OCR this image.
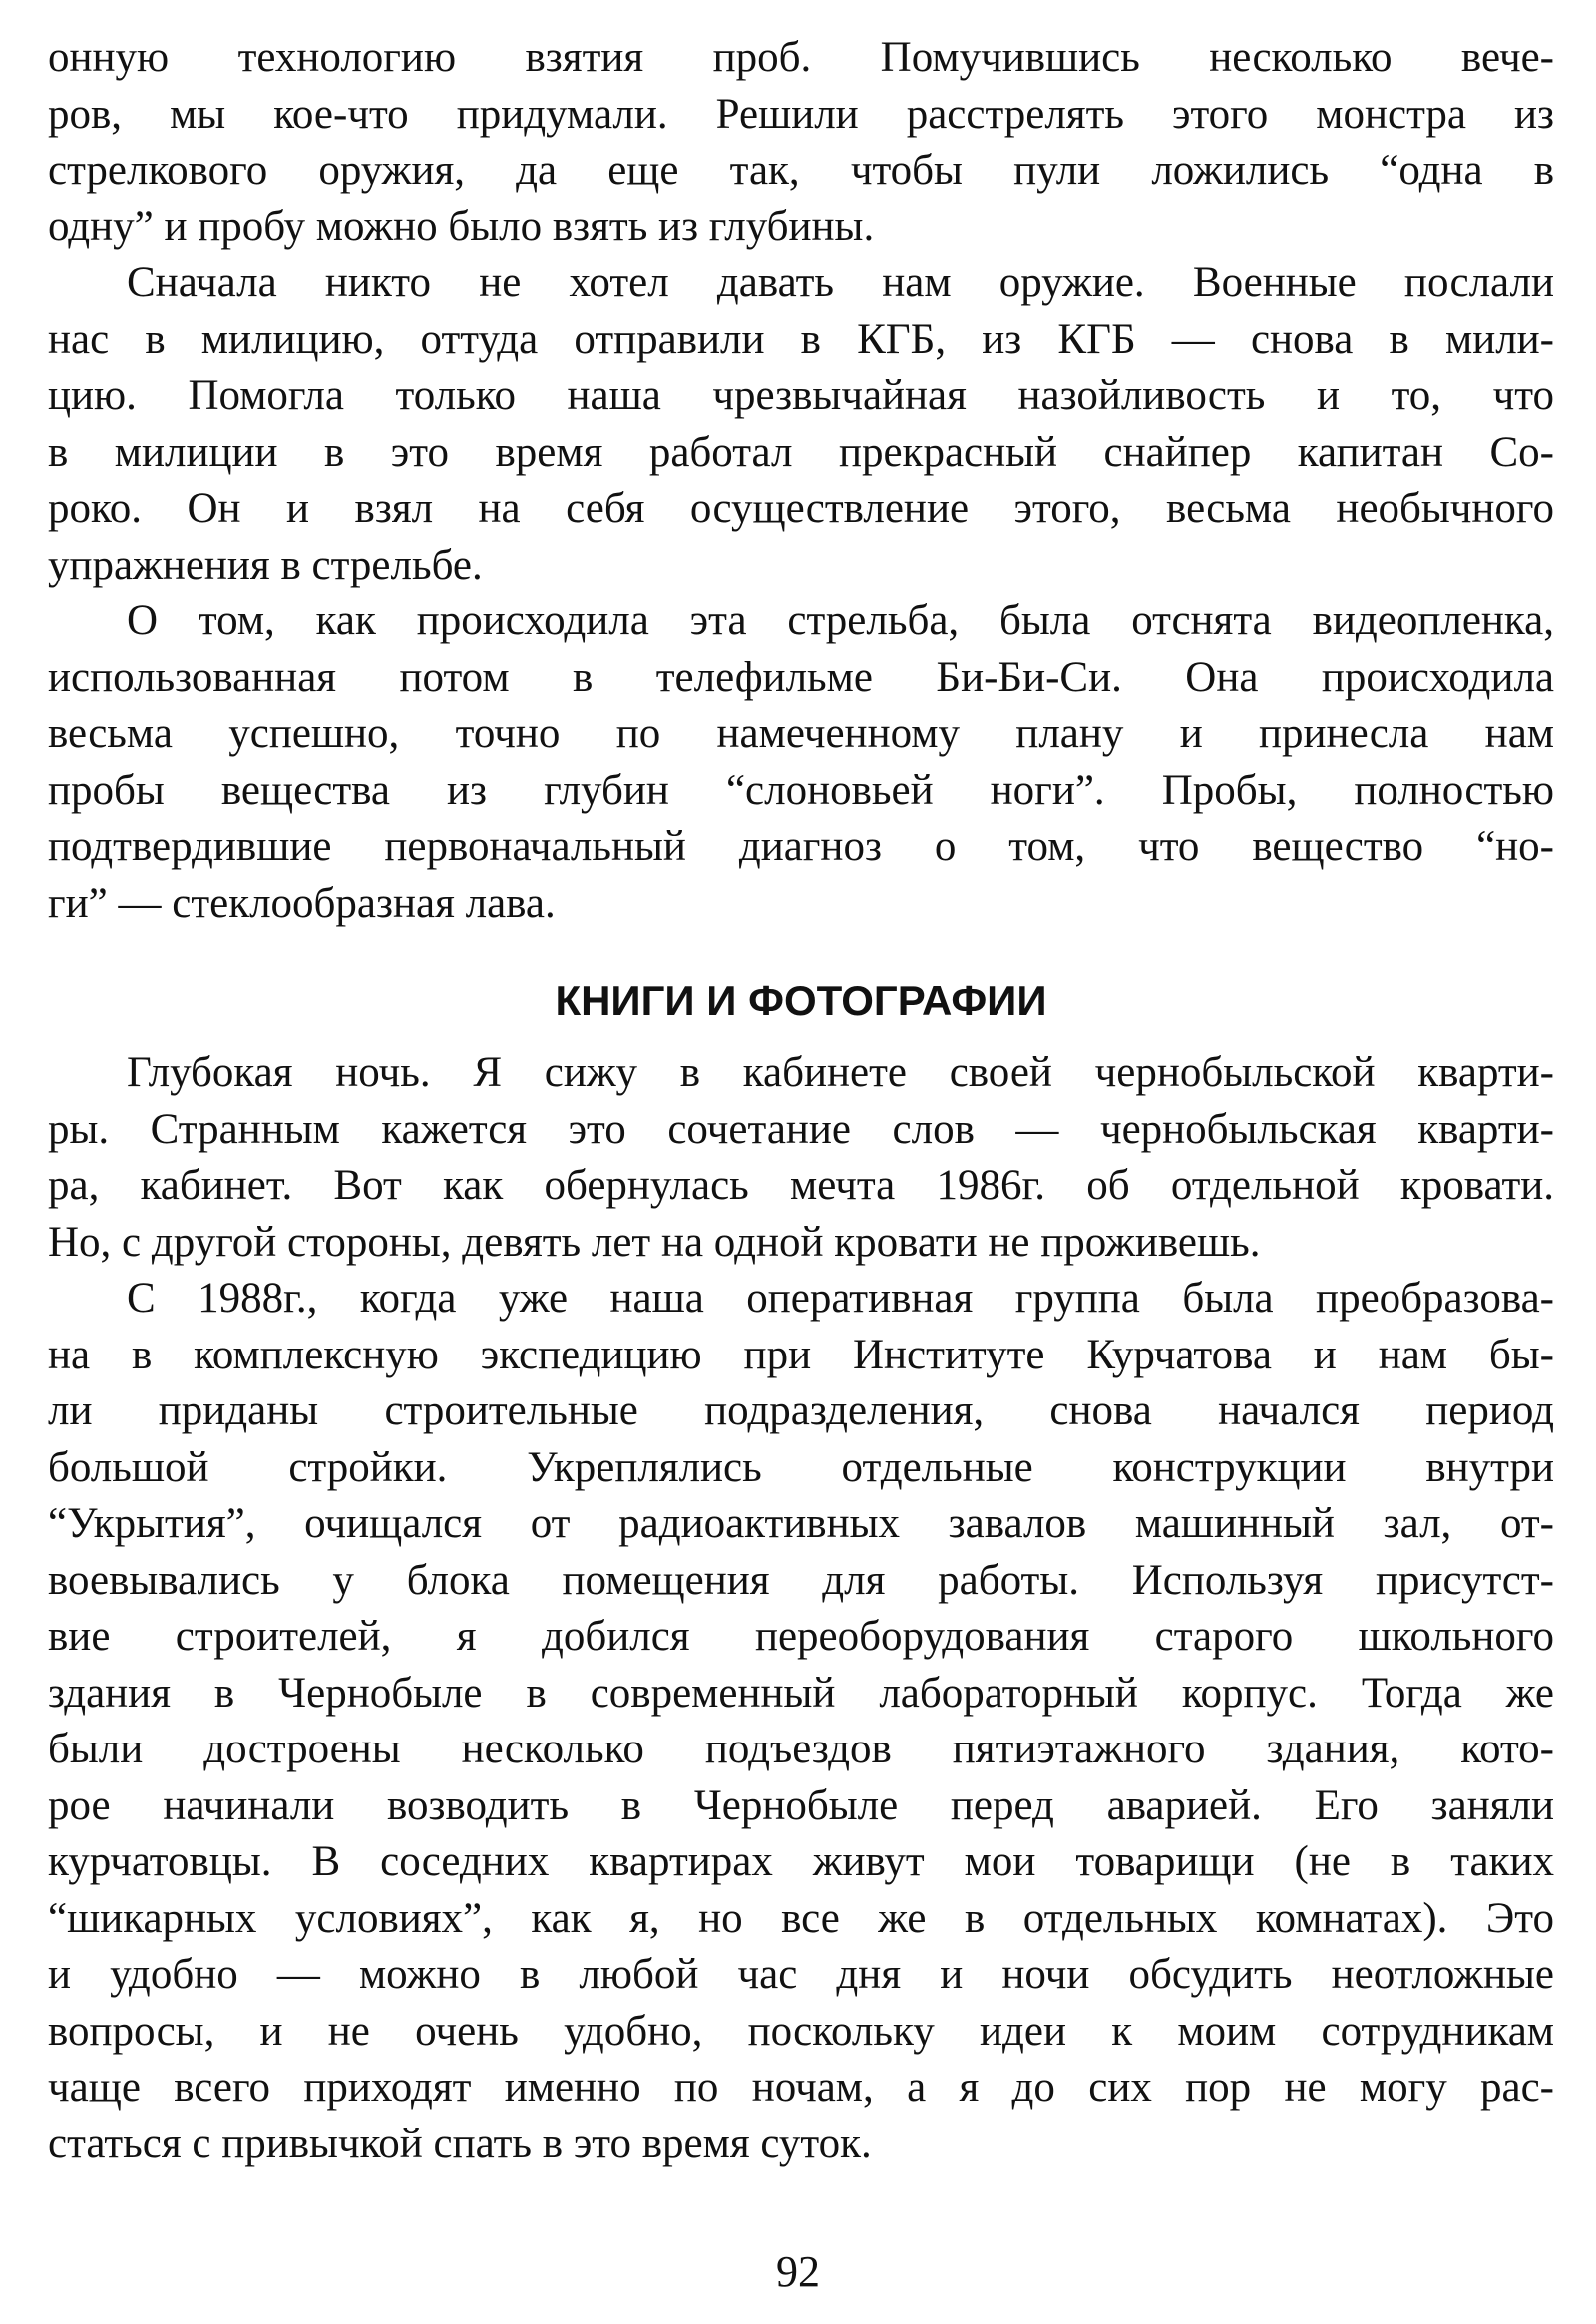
онную технологию взятия проб. Помучившись несколько вече-
ров, мы кое-что придумали. Решили расстрелять этого монстра из
стрелкового оружия, да еще так, чтобы пули ложились “одна в
одну” и пробу можно было взять из глубины.
Сначала никто не хотел давать нам оружие. Военные послали
нас в милицию, оттуда отправили в КГБ, из КГБ — снова в мили-
цию. Помогла только наша чрезвычайная назойливость и то, что
в милиции в это время работал прекрасный снайпер капитан Со-
роко. Он и взял на себя осуществление этого, весьма необычного
упражнения в стрельбе.
О том, как происходила эта стрельба, была отснята видеопленка,
использованная потом в телефильме Би-Би-Си. Она происходила
весьма успешно, точно по намеченному плану и принесла нам
пробы вещества из глубин “слоновьей ноги”. Пробы, полностью
подтвердившие первоначальный диагноз о том, что вещество “но-
ги” — стеклообразная лава.
КНИГИ И ФОТОГРАФИИ
Глубокая ночь. Я сижу в кабинете своей чернобыльской кварти-
ры. Странным кажется это сочетание слов — чернобыльская кварти-
ра, кабинет. Вот как обернулась мечта 1986г. об отдельной кровати.
Но, с другой стороны, девять лет на одной кровати не проживешь.
С 1988г., когда уже наша оперативная группа была преобразова-
на в комплексную экспедицию при Институте Курчатова и нам бы-
ли приданы строительные подразделения, снова начался период
большой стройки. Укреплялись отдельные конструкции внутри
“Укрытия”, очищался от радиоактивных завалов машинный зал, от-
воевывались у блока помещения для работы. Используя присутст-
вие строителей, я добился переоборудования старого школьного
здания в Чернобыле в современный лабораторный корпус. Тогда же
были достроены несколько подъездов пятиэтажного здания, кото-
рое начинали возводить в Чернобыле перед аварией. Его заняли
курчатовцы. В соседних квартирах живут мои товарищи (не в таких
“шикарных условиях”, как я, но все же в отдельных комнатах). Это
и удобно — можно в любой час дня и ночи обсудить неотложные
вопросы, и не очень удобно, поскольку идеи к моим сотрудникам
чаще всего приходят именно по ночам, а я до сих пор не могу рас-
статься с привычкой спать в это время суток.
92
